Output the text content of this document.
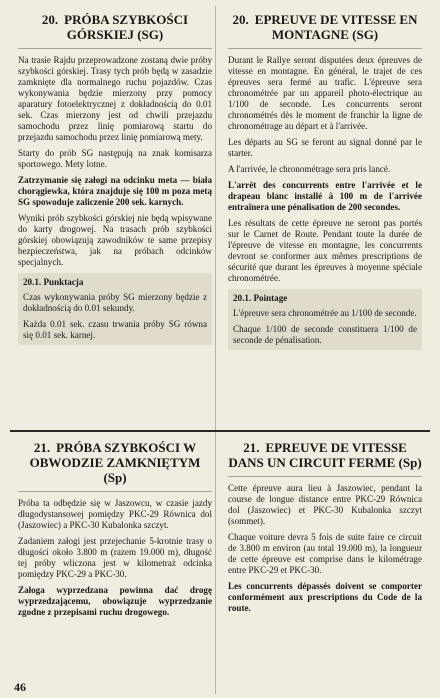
20. PRÓBA SZYBKOŚCI GÓRSKIEJ (SG)

Na trasie Rajdu przeprowadzone zostaną dwie próby szybkości górskiej. Trasy tych prób będą w zasadzie zamknięte dla normalnego ruchu pojazdów. Czas wykonywania będzie mierzony przy pomocy aparatury fotoelektrycznej z dokładnością do 0.01 sek. Czas mierzony jest od chwili przejazdu samochodu przez linię pomiarową startu do przejazdu samochodu przez linię pomiarową mety.

Starty do prób SG następują na znak komisarza sportowego. Mety lotne.

Zatrzymanie się załogi na odcinku meta — biała chorągiewka, która znajduje się 100 m poza metą SG spowoduje zaliczenie 200 sek. karnych.

Wyniki prób szybkości górskiej nie będą wpisywane do karty drogowej. Na trasach prób szybkości górskiej obowiązują zawodników te same przepisy bezpieczeństwa, jak na próbach odcinków specjalnych.

20.1. Punktacja

Czas wykonywania próby SG mierzony będzie z dokładnością do 0.01 sekundy.

Każda 0.01 sek. czasu trwania próby SG równa się 0.01 sek. karnej.

20. EPREUVE DE VITESSE EN MONTAGNE (SG)

Durant le Rallye seront disputées deux épreuves de vitesse en montagne. En général, le trajet de ces épreuves sera fermé au trafic. L'épreuve sera chronométrée par un appareil photo-électrique au 1/100 de seconde. Les concurrents seront chronométrés dès le moment de franchir la ligne de chronométrage au départ et à l'arrivée.

Les départs au SG se feront au signal donné par le starter.

A l'arrivée, le chronométrage sera pris lancé.

L'arrêt des concurrents entre l'arrivée et le drapeau blanc installé à 100 m de l'arrivée entraînera une pénalisation de 200 secondes.

Les résultats de cette épreuve ne seront pas portés sur le Carnet de Route. Pendant toute la durée de l'épreuve de vitesse en montagne, les concurrents devront se conformer aux mêmes prescriptions de sécurité que durant les épreuves à moyenne spéciale chronométrée.

20.1. Pointage

L'épreuve sera chronométrée au 1/100 de seconde.

Chaque 1/100 de seconde constituera 1/100 de seconde de pénalisation.

21. PRÓBA SZYBKOŚCI W OBWODZIE ZAMKNIĘTYM (Sp)

Próba ta odbędzie się w Jaszowcu, w czasie jazdy długodystansowej pomiędzy PKC-29 Równica dol (Jaszowiec) a PKC-30 Kubalonka szczyt.

Zadaniem załogi jest przejechanie 5-krotnie trasy o długości około 3.800 m (razem 19.000 m), długość tej próby wliczona jest w kilometraż odcinka pomiędzy PKC-29 a PKC-30.

Załoga wyprzedzana powinna dać drogę wyprzedzającemu, obowiązuje wyprzedzanie zgodne z przepisami ruchu drogowego.

21. EPREUVE DE VITESSE DANS UN CIRCUIT FERME (Sp)

Cette épreuve aura lieu à Jaszowiec, pendant la course de longue distance entre PKC-29 Równica dol (Jaszowiec) et PKC-30 Kubalonka szczyt (sommet).

Chaque voiture devra 5 fois de suite faire ce circuit de 3.800 m environ (au total 19.000 m), la longueur de cette épreuve est comprise dans le kilométrage entre PKC-29 et PKC-30.

Les concurrents dépassés doivent se comporter conformément aux prescriptions du Code de la route.

46
